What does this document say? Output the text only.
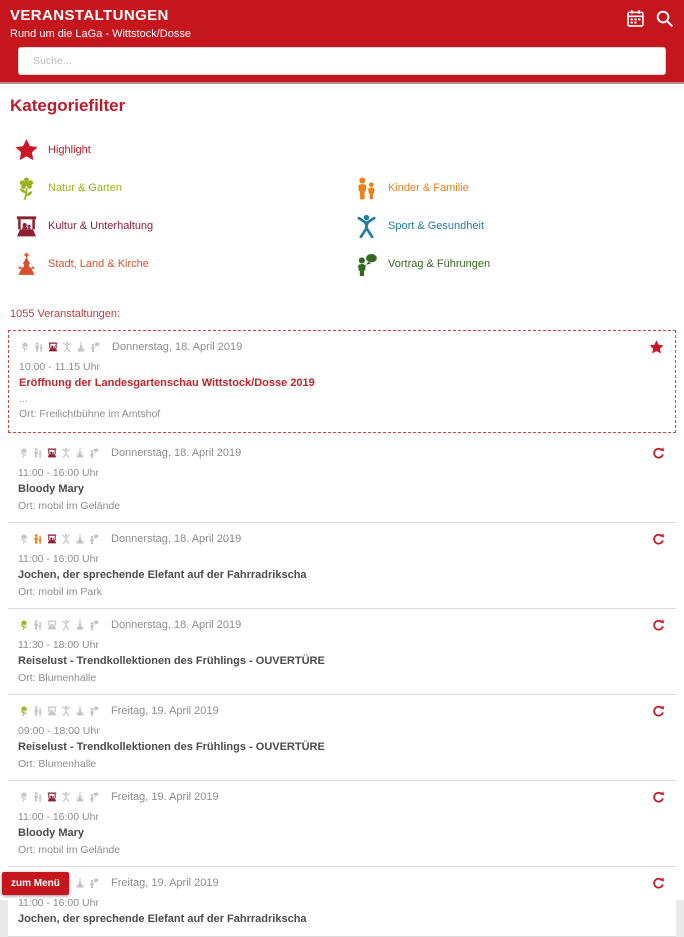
VERANSTALTUNGEN
Rund um die LaGa - Wittstock/Dosse
Suche...
Kategoriefilter
Highlight
Natur & Garten
Kultur & Unterhaltung
Stadt, Land & Kirche
Kinder & Familie
Sport & Gesundheit
Vortrag & Führungen
1055 Veranstaltungen:
Donnerstag, 18. April 2019
10:00 - 11.15 Uhr
Eröffnung der Landesgartenschau Wittstock/Dosse 2019
...
Ort: Freilichtbühne im Amtshof
Donnerstag, 18. April 2019
11:00 - 16:00 Uhr
Bloody Mary
Ort: mobil im Gelände
Donnerstag, 18. April 2019
11:00 - 16:00 Uhr
Jochen, der sprechende Elefant auf der Fahrradrikscha
Ort: mobil im Park
Donnerstag, 18. April 2019
11:30 - 18:00 Uhr
Reiselust - Trendkollektionen des Frühlings - OUVERTÜRE
Ort: Blumenhalle
Freitag, 19. April 2019
09:00 - 18:00 Uhr
Reiselust - Trendkollektionen des Frühlings - OUVERTÜRE
Ort: Blumenhalle
Freitag, 19. April 2019
11:00 - 16:00 Uhr
Bloody Mary
Ort: mobil im Gelände
Freitag, 19. April 2019
11:00 - 16:00 Uhr
Jochen, der sprechende Elefant auf der Fahrradrikscha
zum Menü
